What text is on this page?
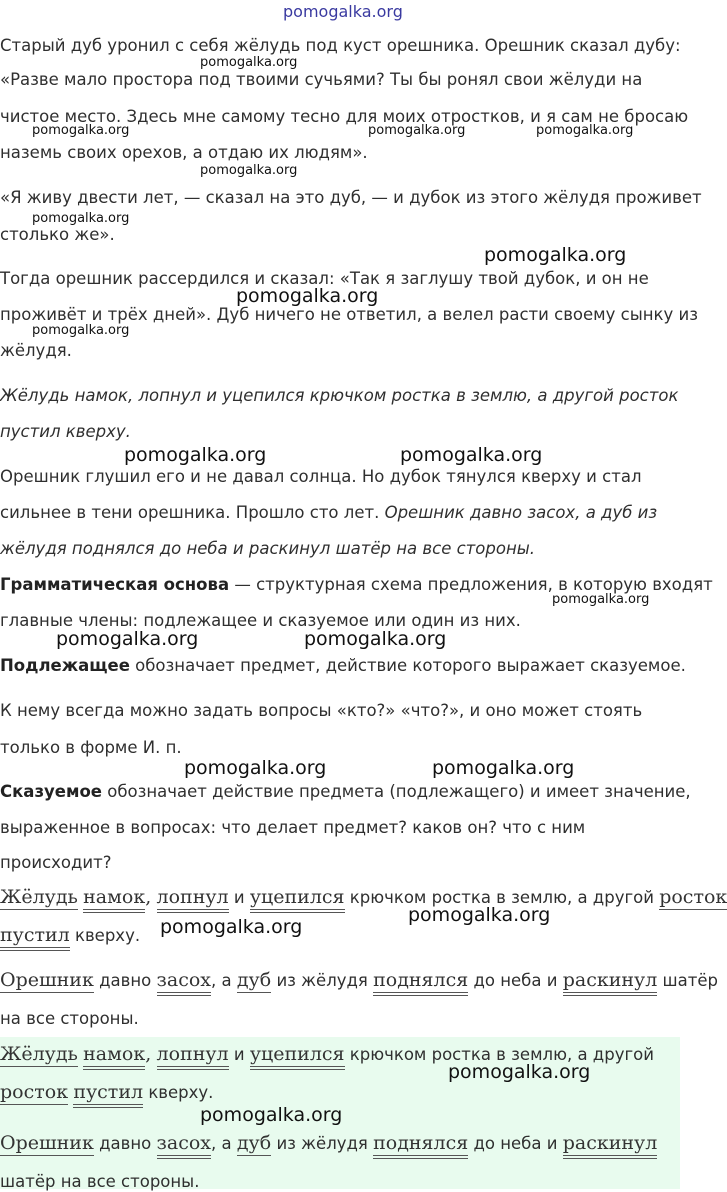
pomogalka.org
Старый дуб уронил с себя жёлудь под куст орешника. Орешник сказал дубу:
«Разве мало простора под твоими сучьями? Ты бы ронял свои жёлуди на
чистое место. Здесь мне самому тесно для моих отростков, и я сам не бросаю
наземь своих орехов, а отдаю их людям».
«Я живу двести лет, — сказал на это дуб, — и дубок из этого жёлудя проживет
столько же».
Тогда орешник рассердился и сказал: «Так я заглушу твой дубок, и он не
проживёт и трёх дней». Дуб ничего не ответил, а велел расти своему сынку из
жёлудя.
Жёлудь намок, лопнул и уцепился крючком ростка в землю, а другой росток
пустил кверху.
Орешник глушил его и не давал солнца. Но дубок тянулся кверху и стал
сильнее в тени орешника. Прошло сто лет. Орешник давно засох, а дуб из
жёлудя поднялся до неба и раскинул шатёр на все стороны.
Грамматическая основа — структурная схема предложения, в которую входят
главные члены: подлежащее и сказуемое или один из них.
Подлежащее обозначает предмет, действие которого выражает сказуемое.
К нему всегда можно задать вопросы «кто?» «что?», и оно может стоять
только в форме И. п.
Сказуемое обозначает действие предмета (подлежащего) и имеет значение,
выраженное в вопросах: что делает предмет? каков он? что с ним
происходит?
Жёлудь намок, лопнул и уцепился крючком ростка в землю, а другой росток
пустил кверху.
Орешник давно засох, а дуб из жёлудя поднялся до неба и раскинул шатёр
на все стороны.
Жёлудь намок, лопнул и уцепился крючком ростка в землю, а другой
росток пустил кверху.
Орешник давно засох, а дуб из жёлудя поднялся до неба и раскинул
шатёр на все стороны.
pomogalka.org
pomogalka.org	pomogalka.org	pomogalka.org
pomogalka.org
pomogalka.org
pomogalka.org
pomogalka.org
pomogalka.org
pomogalka.org	pomogalka.org
pomogalka.org
pomogalka.org	pomogalka.org
pomogalka.org	pomogalka.org
pomogalka.org
pomogalka.org
pomogalka.org
pomogalka.org
